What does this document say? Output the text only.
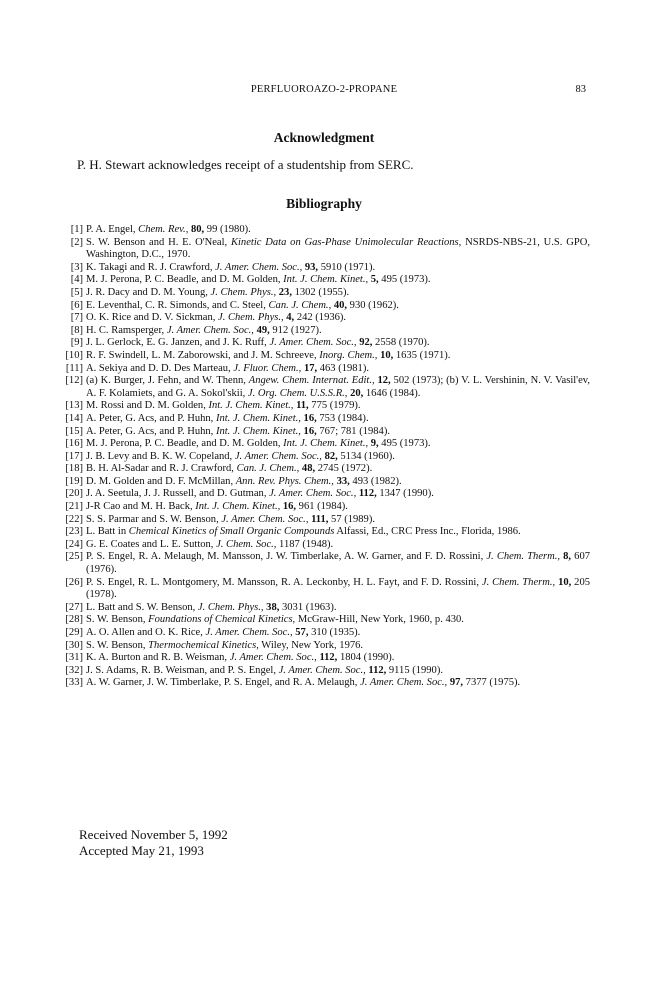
PERFLUOROAZO-2-PROPANE	83
Acknowledgment
P. H. Stewart acknowledges receipt of a studentship from SERC.
Bibliography
[1] P. A. Engel, Chem. Rev., 80, 99 (1980).
[2] S. W. Benson and H. E. O'Neal, Kinetic Data on Gas-Phase Unimolecular Reactions, NSRDS-NBS-21, U.S. GPO, Washington, D.C., 1970.
[3] K. Takagi and R. J. Crawford, J. Amer. Chem. Soc., 93, 5910 (1971).
[4] M. J. Perona, P. C. Beadle, and D. M. Golden, Int. J. Chem. Kinet., 5, 495 (1973).
[5] J. R. Dacy and D. M. Young, J. Chem. Phys., 23, 1302 (1955).
[6] E. Leventhal, C. R. Simonds, and C. Steel, Can. J. Chem., 40, 930 (1962).
[7] O. K. Rice and D. V. Sickman, J. Chem. Phys., 4, 242 (1936).
[8] H. C. Ramsperger, J. Amer. Chem. Soc., 49, 912 (1927).
[9] J. L. Gerlock, E. G. Janzen, and J. K. Ruff, J. Amer. Chem. Soc., 92, 2558 (1970).
[10] R. F. Swindell, L. M. Zaborowski, and J. M. Schreeve, Inorg. Chem., 10, 1635 (1971).
[11] A. Sekiya and D. D. Des Marteau, J. Fluor. Chem., 17, 463 (1981).
[12] (a) K. Burger, J. Fehn, and W. Thenn, Angew. Chem. Internat. Edit., 12, 502 (1973); (b) V. L. Vershinin, N. V. Vasil'ev, A. F. Kolamiets, and G. A. Sokol'skii, J. Org. Chem. U.S.S.R., 20, 1646 (1984).
[13] M. Rossi and D. M. Golden, Int. J. Chem. Kinet., 11, 775 (1979).
[14] A. Peter, G. Acs, and P. Huhn, Int. J. Chem. Kinet., 16, 753 (1984).
[15] A. Peter, G. Acs, and P. Huhn, Int. J. Chem. Kinet., 16, 767; 781 (1984).
[16] M. J. Perona, P. C. Beadle, and D. M. Golden, Int. J. Chem. Kinet., 9, 495 (1973).
[17] J. B. Levy and B. K. W. Copeland, J. Amer. Chem. Soc., 82, 5134 (1960).
[18] B. H. Al-Sadar and R. J. Crawford, Can. J. Chem., 48, 2745 (1972).
[19] D. M. Golden and D. F. McMillan, Ann. Rev. Phys. Chem., 33, 493 (1982).
[20] J. A. Seetula, J. J. Russell, and D. Gutman, J. Amer. Chem. Soc., 112, 1347 (1990).
[21] J-R Cao and M. H. Back, Int. J. Chem. Kinet., 16, 961 (1984).
[22] S. S. Parmar and S. W. Benson, J. Amer. Chem. Soc., 111, 57 (1989).
[23] L. Batt in Chemical Kinetics of Small Organic Compounds Alfassi, Ed., CRC Press Inc., Florida, 1986.
[24] G. E. Coates and L. E. Sutton, J. Chem. Soc., 1187 (1948).
[25] P. S. Engel, R. A. Melaugh, M. Mansson, J. W. Timberlake, A. W. Garner, and F. D. Rossini, J. Chem. Therm., 8, 607 (1976).
[26] P. S. Engel, R. L. Montgomery, M. Mansson, R. A. Leckonby, H. L. Fayt, and F. D. Rossini, J. Chem. Therm., 10, 205 (1978).
[27] L. Batt and S. W. Benson, J. Chem. Phys., 38, 3031 (1963).
[28] S. W. Benson, Foundations of Chemical Kinetics, McGraw-Hill, New York, 1960, p. 430.
[29] A. O. Allen and O. K. Rice, J. Amer. Chem. Soc., 57, 310 (1935).
[30] S. W. Benson, Thermochemical Kinetics, Wiley, New York, 1976.
[31] K. A. Burton and R. B. Weisman, J. Amer. Chem. Soc., 112, 1804 (1990).
[32] J. S. Adams, R. B. Weisman, and P. S. Engel, J. Amer. Chem. Soc., 112, 9115 (1990).
[33] A. W. Garner, J. W. Timberlake, P. S. Engel, and R. A. Melaugh, J. Amer. Chem. Soc., 97, 7377 (1975).
Received November 5, 1992
Accepted May 21, 1993
